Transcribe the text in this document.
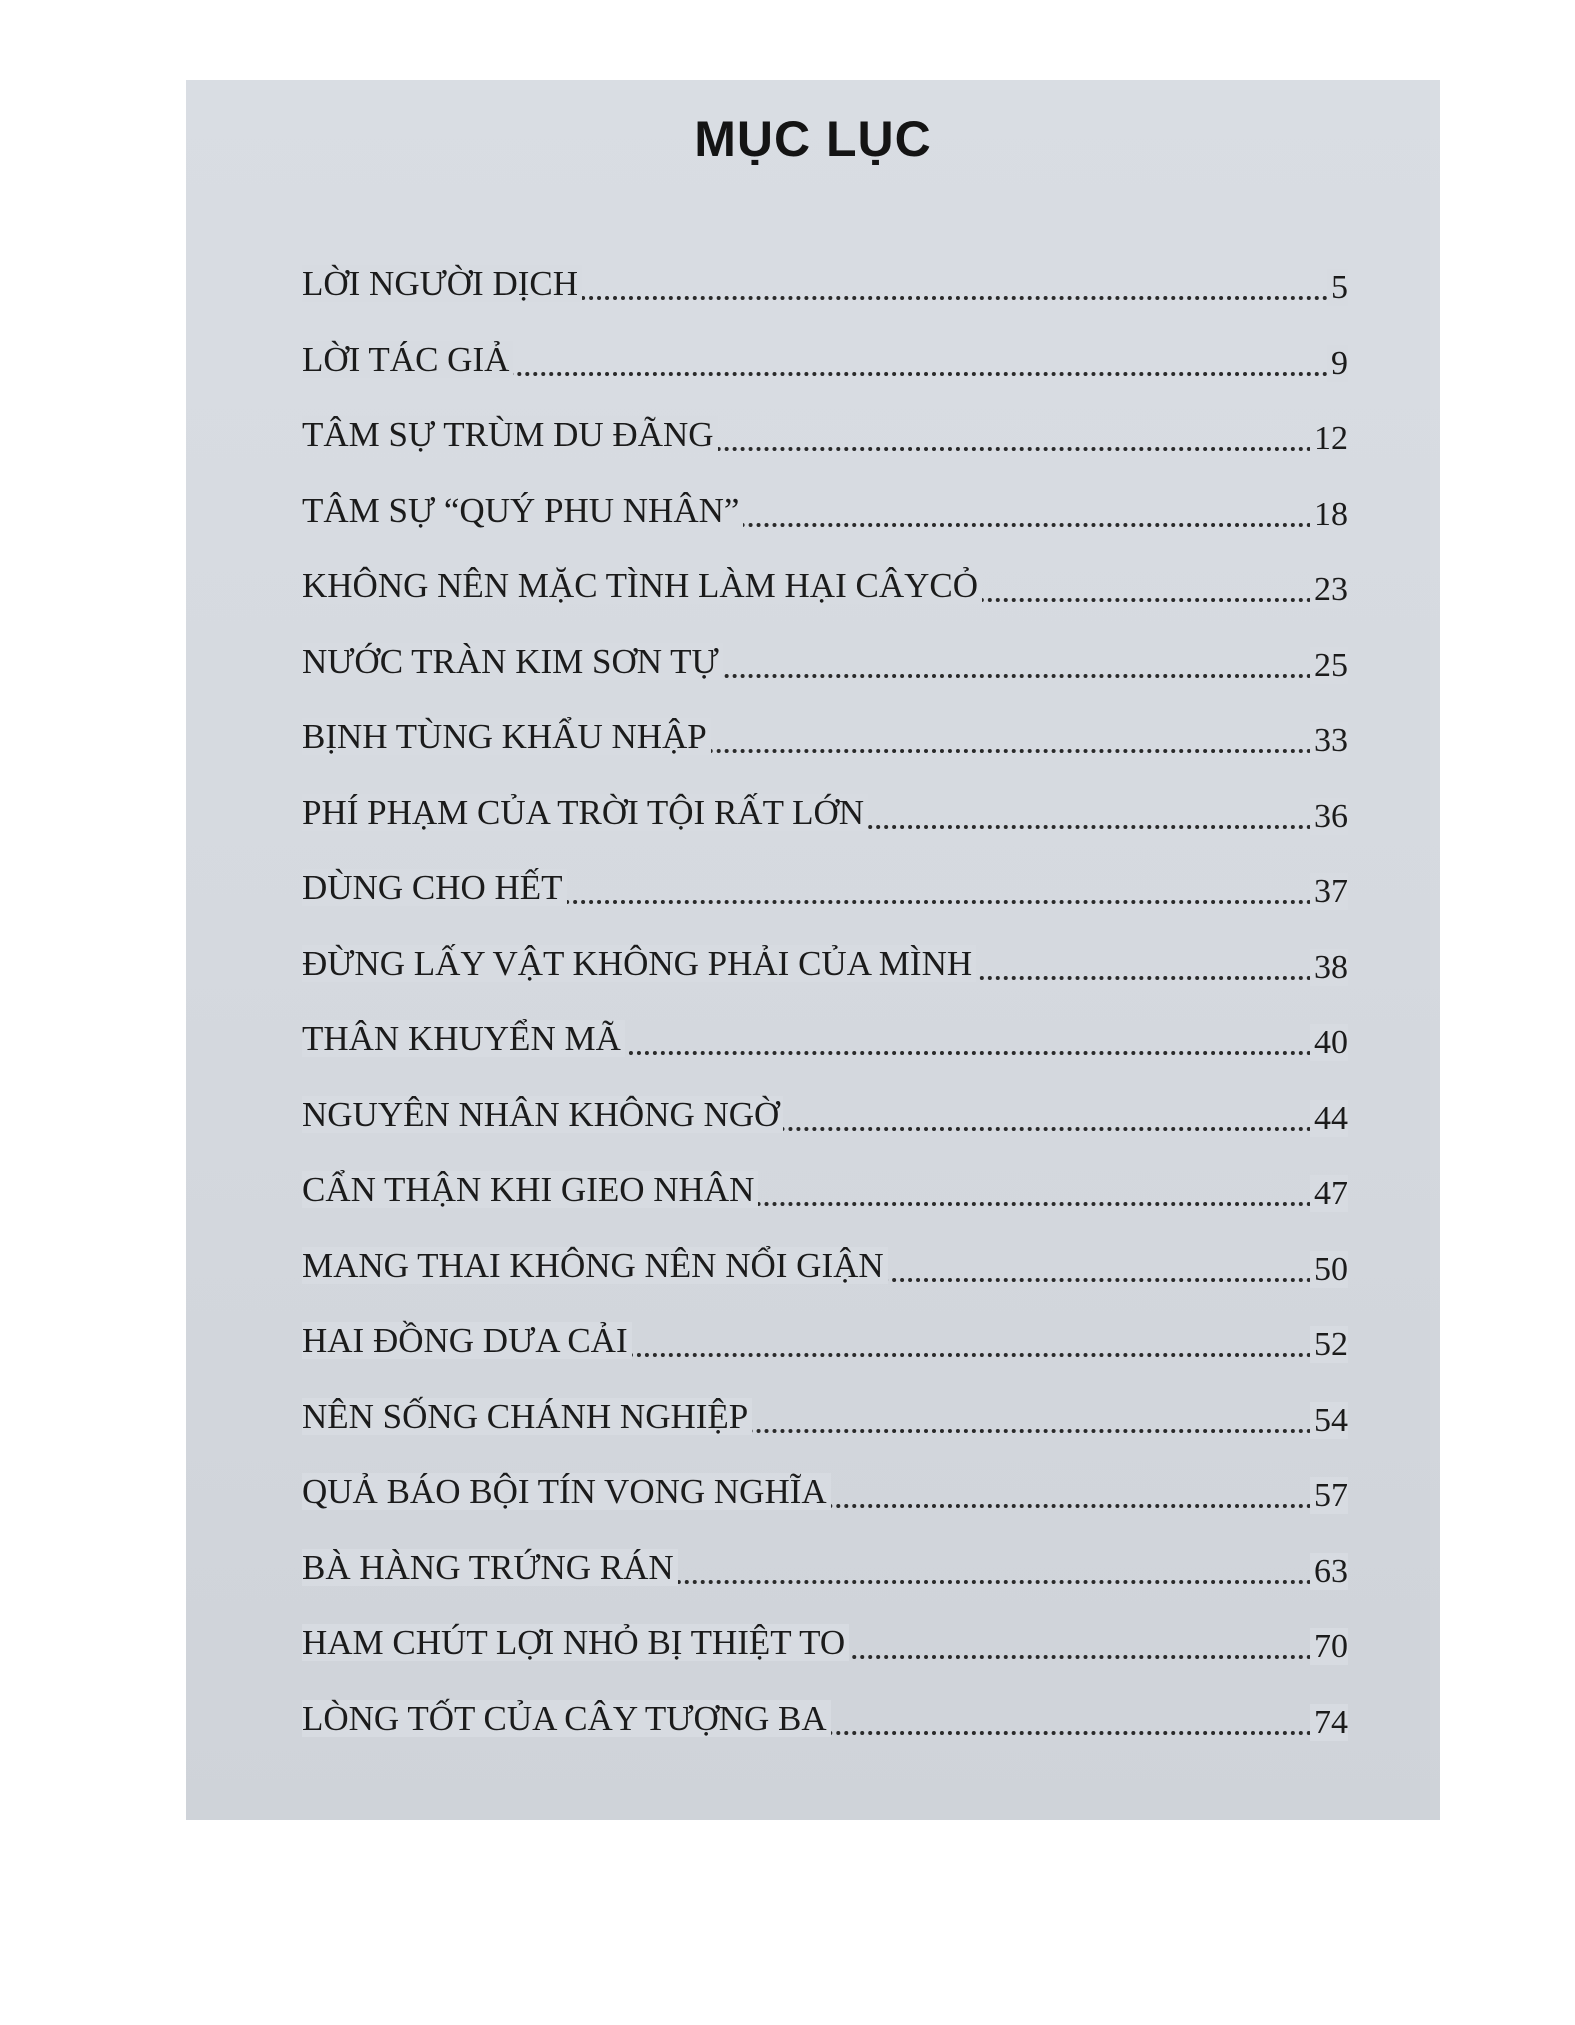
MỤC LỤC
LỜI NGƯỜI DỊCH	5
LỜI TÁC GIẢ	9
TÂM SỰ TRÙM DU ĐÃNG	12
TÂM SỰ “QUÝ PHU NHÂN”	18
KHÔNG NÊN MẶC TÌNH LÀM HẠI CÂYCỎ	23
NƯỚC TRÀN KIM SƠN TỰ	25
BỊNH TÙNG KHẨU NHẬP	33
PHÍ PHẠM CỦA TRỜI TỘI RẤT LỚN	36
DÙNG CHO HẾT	37
ĐỪNG LẤY VẬT KHÔNG PHẢI CỦA MÌNH	38
THÂN KHUYỂN MÃ	40
NGUYÊN NHÂN KHÔNG NGỜ	44
CẨN THẬN KHI GIEO NHÂN	47
MANG THAI KHÔNG NÊN NỔI GIẬN	50
HAI ĐỒNG DƯA CẢI	52
NÊN SỐNG CHÁNH NGHIỆP	54
QUẢ BÁO BỘI TÍN VONG NGHĨA	57
BÀ HÀNG TRỨNG RÁN	63
HAM CHÚT LỢI NHỎ BỊ THIỆT TO	70
LÒNG TỐT CỦA CÂY TƯỢNG BA	74
